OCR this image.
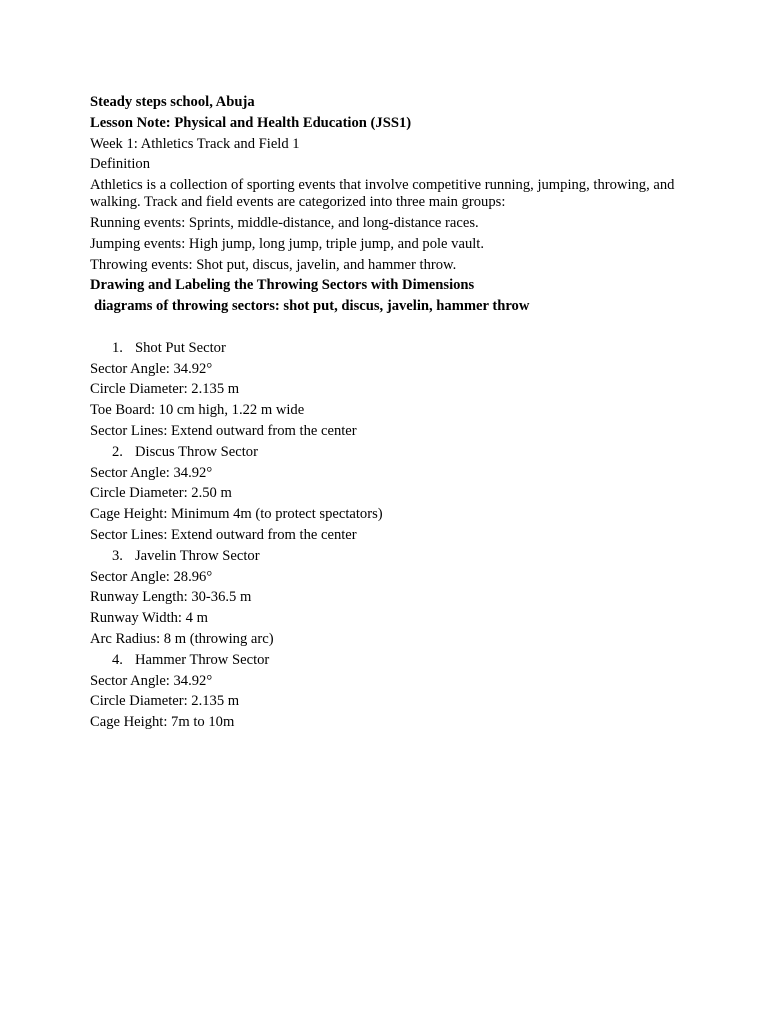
Steady steps school, Abuja
Lesson Note: Physical and Health Education (JSS1)
Week 1: Athletics Track and Field 1
Definition
Athletics is a collection of sporting events that involve competitive running, jumping, throwing, and walking. Track and field events are categorized into three main groups:
Running events: Sprints, middle-distance, and long-distance races.
Jumping events: High jump, long jump, triple jump, and pole vault.
Throwing events: Shot put, discus, javelin, and hammer throw.
Drawing and Labeling the Throwing Sectors with Dimensions
diagrams of throwing sectors: shot put, discus, javelin, hammer throw
1. Shot Put Sector
Sector Angle: 34.92°
Circle Diameter: 2.135 m
Toe Board: 10 cm high, 1.22 m wide
Sector Lines: Extend outward from the center
2. Discus Throw Sector
Sector Angle: 34.92°
Circle Diameter: 2.50 m
Cage Height: Minimum 4m (to protect spectators)
Sector Lines: Extend outward from the center
3. Javelin Throw Sector
Sector Angle: 28.96°
Runway Length: 30-36.5 m
Runway Width: 4 m
Arc Radius: 8 m (throwing arc)
4. Hammer Throw Sector
Sector Angle: 34.92°
Circle Diameter: 2.135 m
Cage Height: 7m to 10m
